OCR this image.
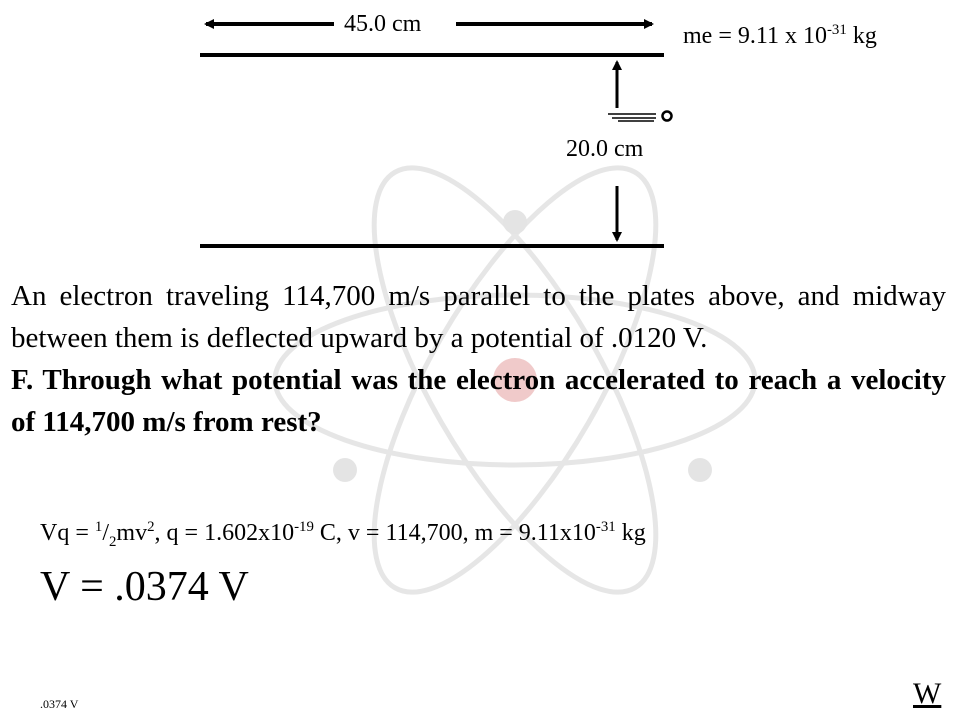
45.0 cm
20.0 cm
me = 9.11 x $10^{-31}$ kg

An electron traveling 114,700 m/s parallel to the plates above, and midway between them is deflected upward by a potential of .0120 V.

F. Through what potential was the electron accelerated to reach a velocity of 114,700 m/s from rest?

$Vq = ^1/_2mv^2$, $q = 1.602x10^{-19}$ C, v = 114,700, $m = 9.11x10^{-31}$ kg
V = .0374 V
.0374 V	W
